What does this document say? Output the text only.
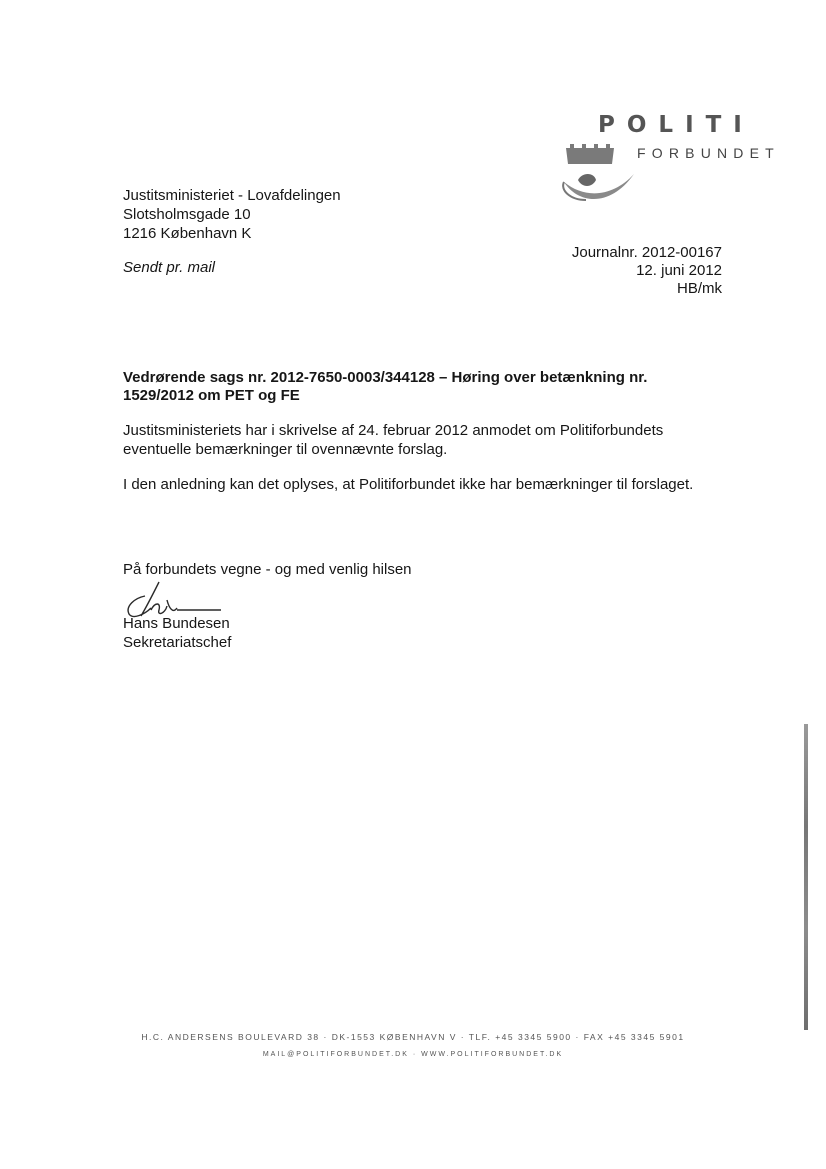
POLITI
FORBUNDET
Justitsministeriet - Lovafdelingen
Slotsholmsgade 10
1216 København K
Sendt pr. mail
Journalnr. 2012-00167
12. juni 2012
HB/mk
Vedrørende sags nr. 2012-7650-0003/344128 – Høring over betænkning nr. 1529/2012 om PET og FE
Justitsministeriets har i skrivelse af 24. februar 2012 anmodet om Politiforbundets eventuelle bemærkninger til ovennævnte forslag.
I den anledning kan det oplyses, at Politiforbundet ikke har bemærkninger til forslaget.
På forbundets vegne - og med venlig hilsen
Hans Bundesen
Sekretariatschef
H.C. ANDERSENS BOULEVARD 38 · DK-1553 KØBENHAVN V · TLF. +45 3345 5900 · FAX +45 3345 5901
MAIL@POLITIFORBUNDET.DK · WWW.POLITIFORBUNDET.DK
